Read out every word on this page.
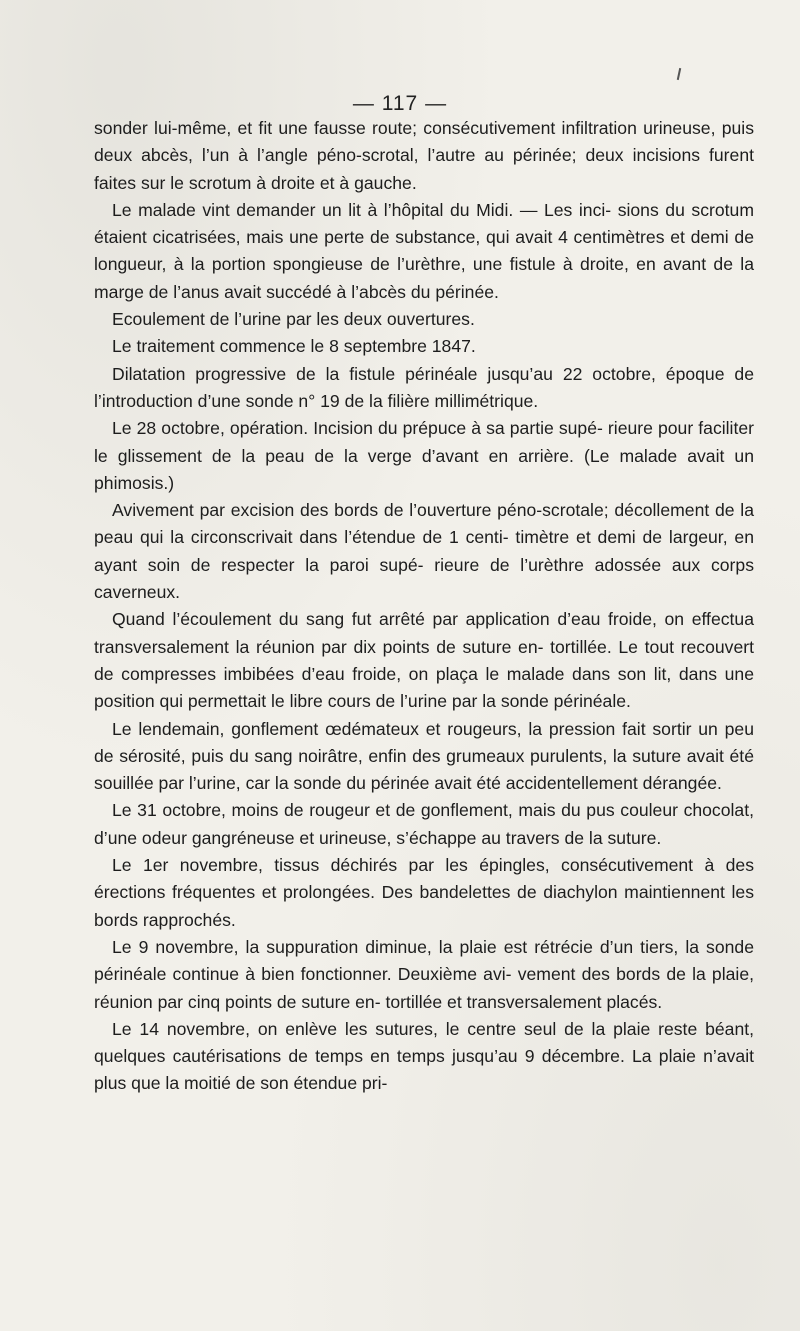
— 117 —

sonder lui-même, et fit une fausse route; consécutivement infiltration urineuse, puis deux abcès, l’un à l’angle péno-scrotal, l’autre au périnée; deux incisions furent faites sur le scrotum à droite et à gauche.

Le malade vint demander un lit à l’hôpital du Midi. — Les inci- sions du scrotum étaient cicatrisées, mais une perte de substance, qui avait 4 centimètres et demi de longueur, à la portion spongieuse de l’urèthre, une fistule à droite, en avant de la marge de l’anus avait succédé à l’abcès du périnée.

Ecoulement de l’urine par les deux ouvertures.

Le traitement commence le 8 septembre 1847.

Dilatation progressive de la fistule périnéale jusqu’au 22 octobre, époque de l’introduction d’une sonde n° 19 de la filière millimétrique.

Le 28 octobre, opération. Incision du prépuce à sa partie supé- rieure pour faciliter le glissement de la peau de la verge d’avant en arrière. (Le malade avait un phimosis.)

Avivement par excision des bords de l’ouverture péno-scrotale; décollement de la peau qui la circonscrivait dans l’étendue de 1 centi- timètre et demi de largeur, en ayant soin de respecter la paroi supé- rieure de l’urèthre adossée aux corps caverneux.

Quand l’écoulement du sang fut arrêté par application d’eau froide, on effectua transversalement la réunion par dix points de suture en- tortillée. Le tout recouvert de compresses imbibées d’eau froide, on plaça le malade dans son lit, dans une position qui permettait le libre cours de l’urine par la sonde périnéale.

Le lendemain, gonflement œdémateux et rougeurs, la pression fait sortir un peu de sérosité, puis du sang noirâtre, enfin des grumeaux purulents, la suture avait été souillée par l’urine, car la sonde du périnée avait été accidentellement dérangée.

Le 31 octobre, moins de rougeur et de gonflement, mais du pus couleur chocolat, d’une odeur gangréneuse et urineuse, s’échappe au travers de la suture.

Le 1er novembre, tissus déchirés par les épingles, consécutivement à des érections fréquentes et prolongées. Des bandelettes de diachylon maintiennent les bords rapprochés.

Le 9 novembre, la suppuration diminue, la plaie est rétrécie d’un tiers, la sonde périnéale continue à bien fonctionner. Deuxième avi- vement des bords de la plaie, réunion par cinq points de suture en- tortillée et transversalement placés.

Le 14 novembre, on enlève les sutures, le centre seul de la plaie reste béant, quelques cautérisations de temps en temps jusqu’au 9 décembre. La plaie n’avait plus que la moitié de son étendue pri-
